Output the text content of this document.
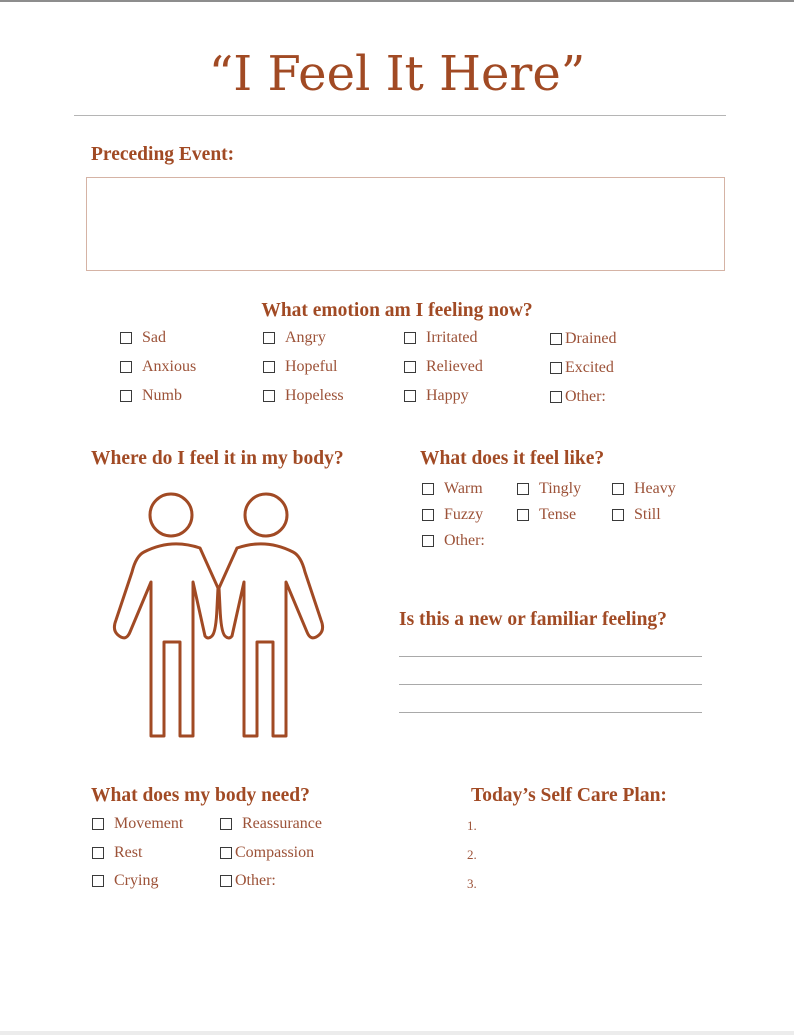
“I Feel It Here”
Preceding Event:
What emotion am I feeling now?
Sad	Angry	Irritated	Drained
Anxious	Hopeful	Relieved	Excited
Numb	Hopeless	Happy	Other:
Where do I feel it in my body?	What does it feel like?
Warm	Tingly	Heavy
Fuzzy	Tense	Still
Other:
Is this a new or familiar feeling?
What does my body need?
Movement	Reassurance
Rest	Compassion
Crying	Other:
Today’s Self Care Plan:
1.
2.
3.
